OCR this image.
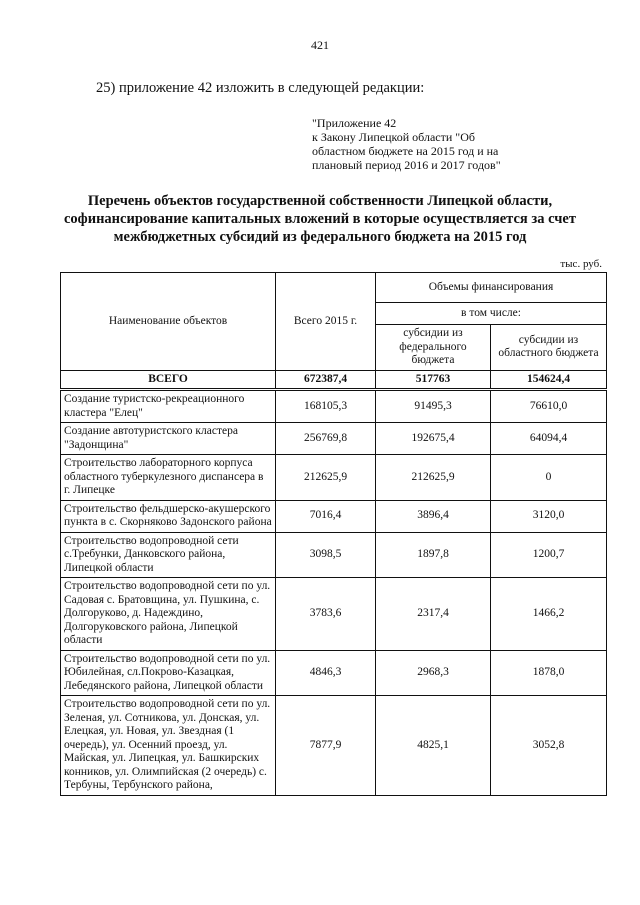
421
25) приложение 42 изложить в следующей редакции:
"Приложение 42
к Закону Липецкой области "Об
областном бюджете на 2015 год и на
плановый период 2016 и 2017 годов"
Перечень объектов государственной собственности Липецкой области,
софинансирование капитальных вложений в которые осуществляется за счет
межбюджетных субсидий из федерального бюджета на 2015 год
тыс. руб.
Наименование объектов	Всего 2015 г.	Объемы финансирования	
		в том числе:	
		субсидии из федерального бюджета	субсидии из областного бюджета
ВСЕГО	672387,4	517763	154624,4
Создание туристско-рекреационного кластера "Елец"	168105,3	91495,3	76610,0
Создание автотуристского кластера "Задонщина"	256769,8	192675,4	64094,4
Строительство лабораторного корпуса областного туберкулезного диспансера в г. Липецке	212625,9	212625,9	0
Строительство фельдшерско-акушерского пункта в с. Скорняково Задонского района	7016,4	3896,4	3120,0
Строительство водопроводной сети с.Требунки, Данковского района, Липецкой области	3098,5	1897,8	1200,7
Строительство водопроводной сети по ул. Садовая с. Братовщина, ул. Пушкина, с. Долгоруково, д. Надеждино, Долгоруковского района, Липецкой области	3783,6	2317,4	1466,2
Строительство водопроводной сети по ул. Юбилейная, сл.Покрово-Казацкая, Лебедянского района, Липецкой области	4846,3	2968,3	1878,0
Строительство водопроводной сети по ул. Зеленая, ул. Сотникова, ул. Донская, ул. Елецкая, ул. Новая, ул. Звездная (1 очередь), ул. Осенний проезд, ул. Майская, ул. Липецкая, ул. Башкирских конников, ул. Олимпийская (2 очередь) с. Тербуны, Тербунского района,	7877,9	4825,1	3052,8
